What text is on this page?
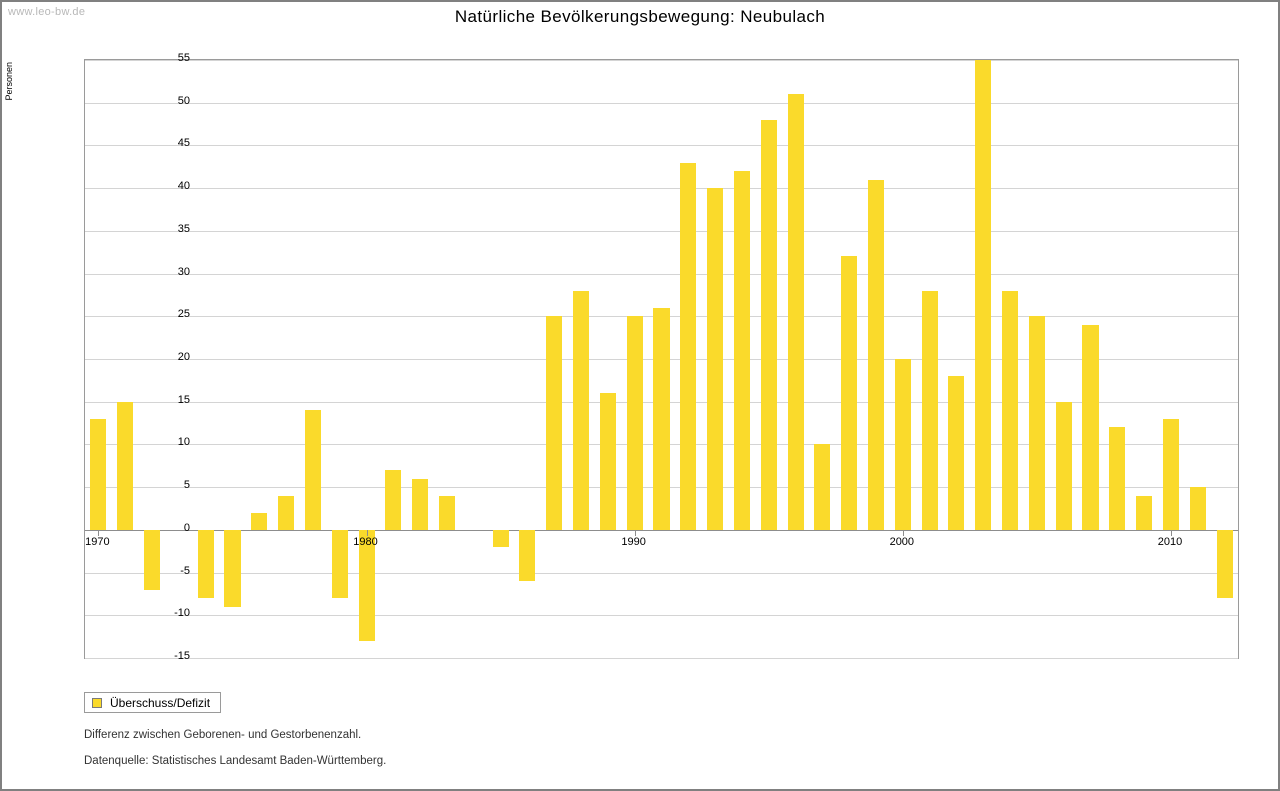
www.leo-bw.de	Natürliche Bevölkerungsbewegung: Neubulach
Personen
Überschuss/Defizit
Differenz zwischen Geborenen- und Gestorbenenzahl.
Datenquelle: Statistisches Landesamt Baden-Württemberg.
55
50
45
40
35
30
25
20
15
10
5
0
-5
-10
-15
1970	1980	1990	2000	2010
